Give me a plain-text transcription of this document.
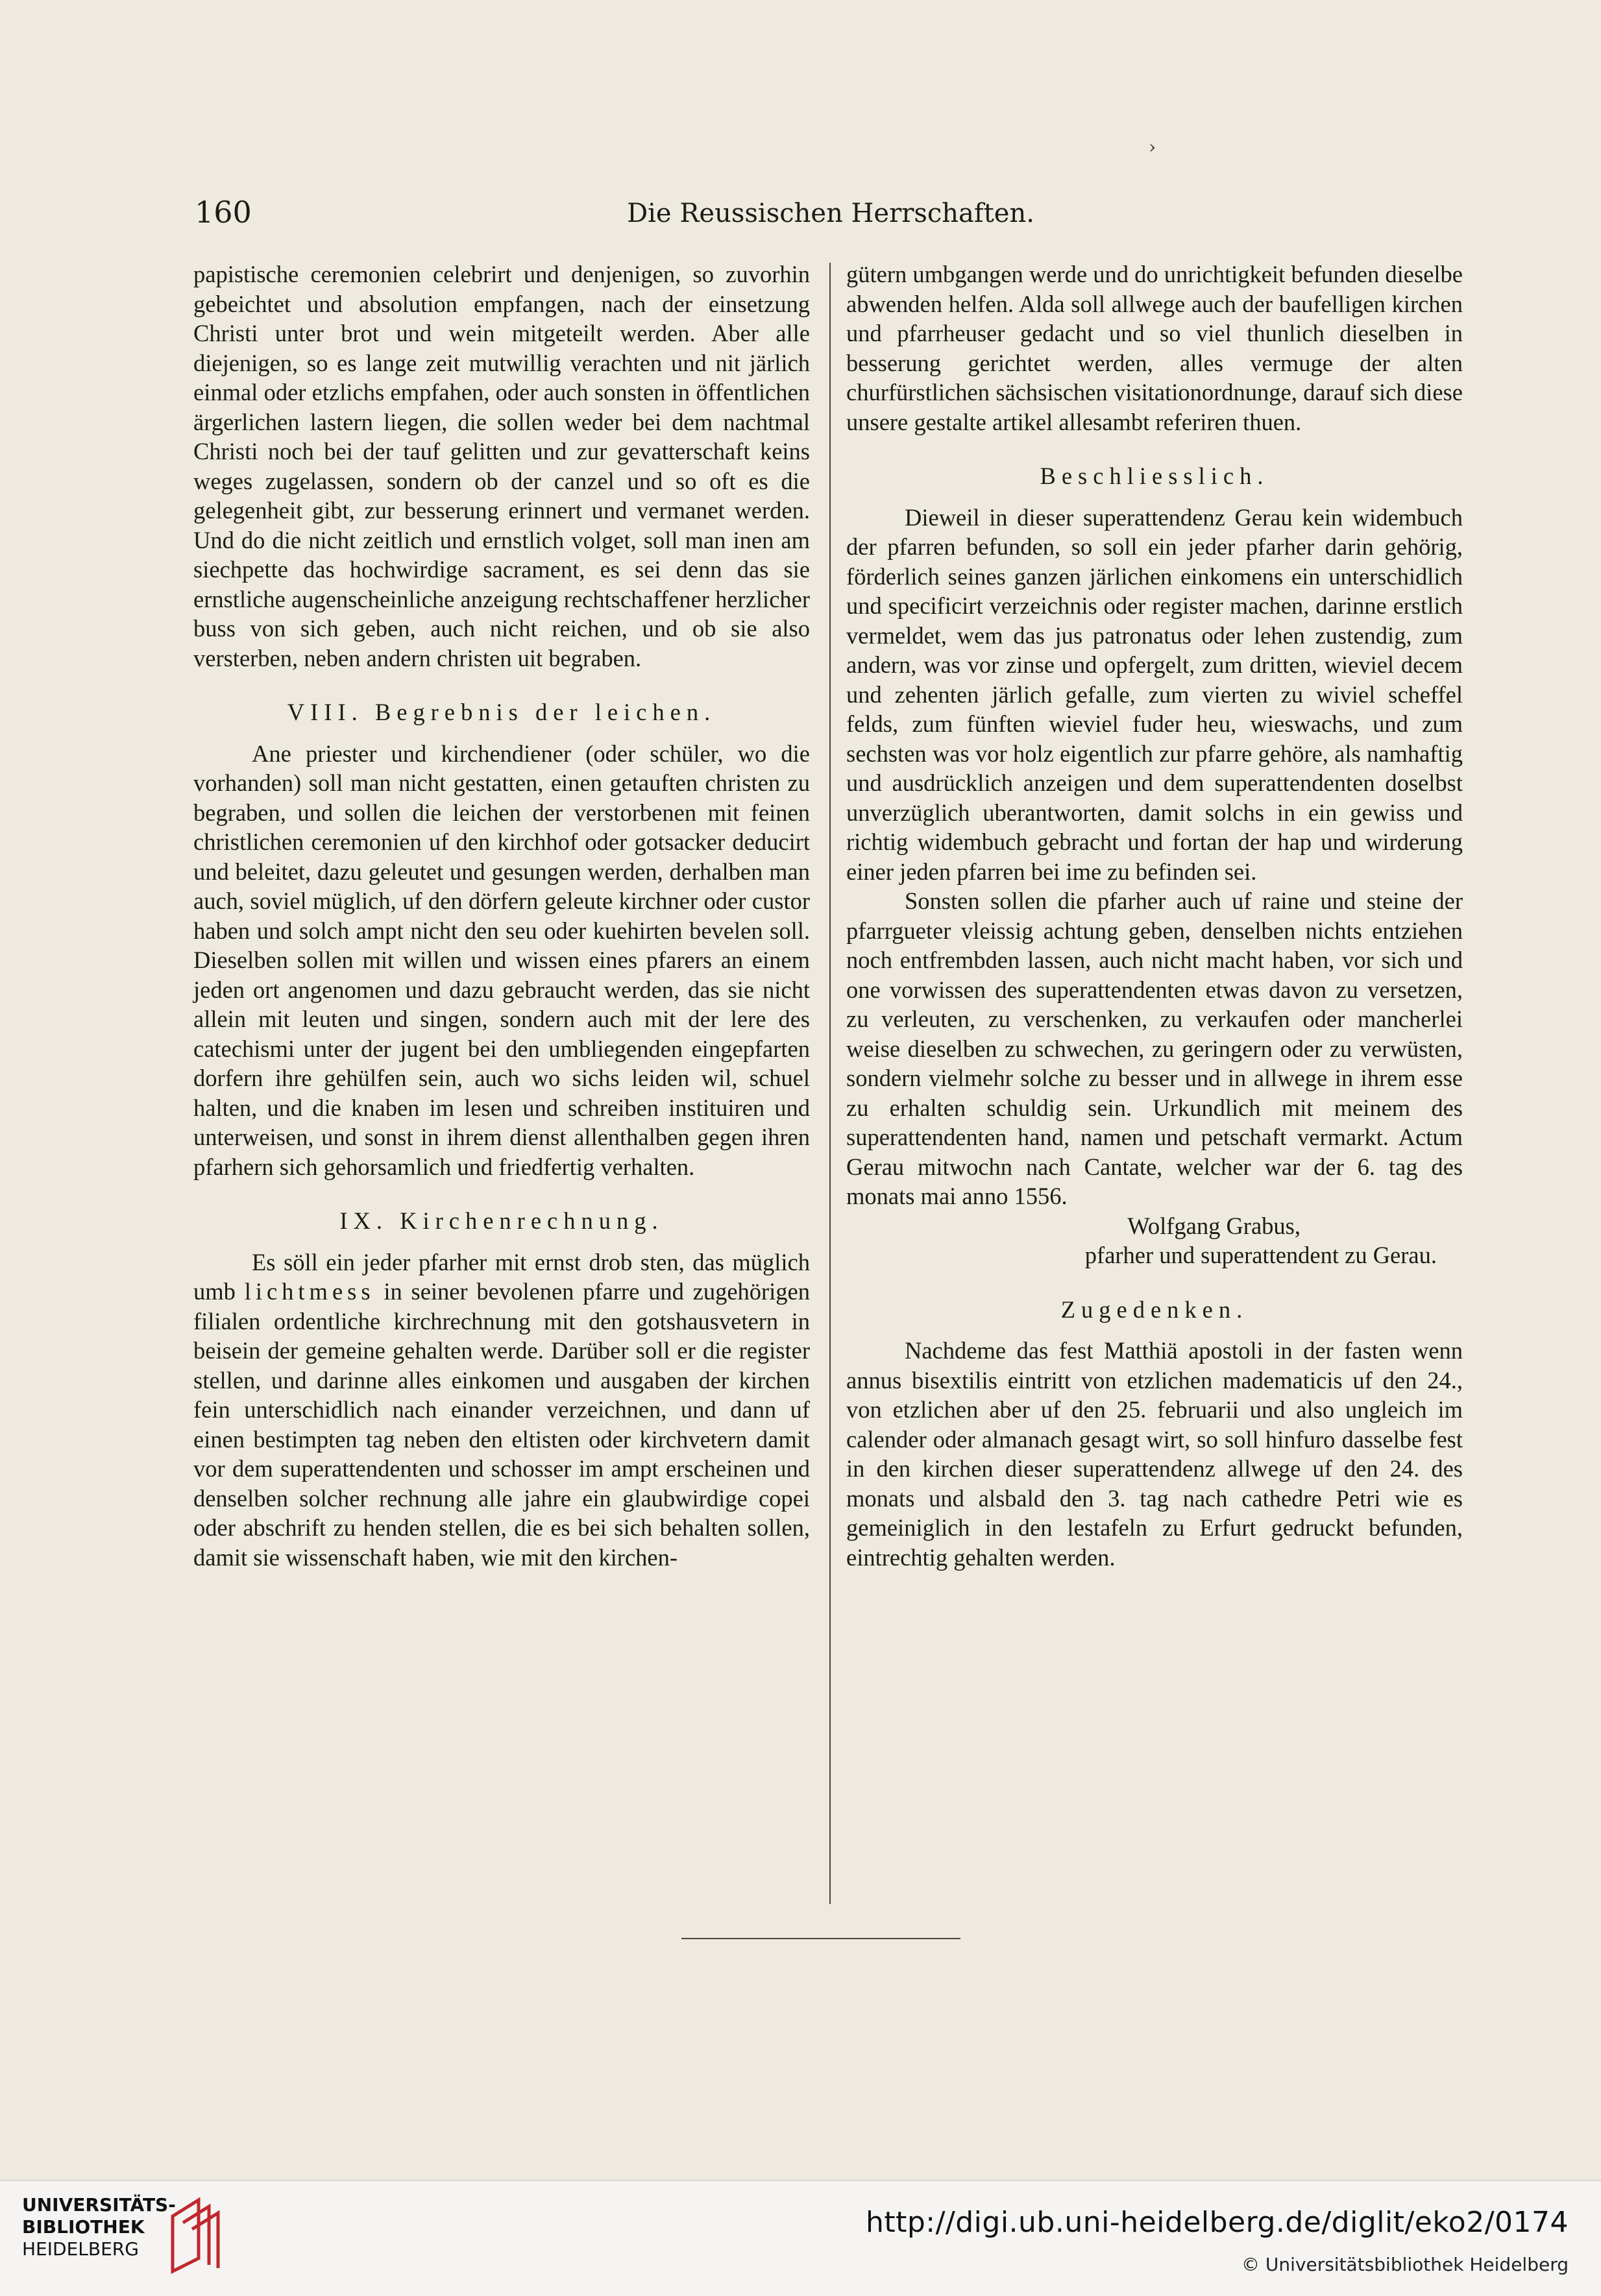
›
160	Die Reussischen Herrschaften.

papistische ceremonien celebrirt und denjenigen, so zuvorhin gebeichtet und absolution empfangen, nach der einsetzung Christi unter brot und wein mitgeteilt werden. Aber alle diejenigen, so es lange zeit mutwillig verachten und nit järlich einmal oder etzlichs empfahen, oder auch sonsten in öffentlichen ärgerlichen lastern liegen, die sollen weder bei dem nachtmal Christi noch bei der tauf gelitten und zur gevatterschaft keins weges zugelassen, sondern ob der canzel und so oft es die gelegenheit gibt, zur besserung erinnert und vermanet werden. Und do die nicht zeitlich und ernstlich volget, soll man inen am siechpette das hochwirdige sacrament, es sei denn das sie ernstliche augenscheinliche anzeigung rechtschaffener herzlicher buss von sich geben, auch nicht reichen, und ob sie also versterben, neben andern christen uit begraben.

VIII. Begrebnis der leichen.

Ane priester und kirchendiener (oder schüler, wo die vorhanden) soll man nicht gestatten, einen getauften christen zu begraben, und sollen die leichen der verstorbenen mit feinen christlichen ceremonien uf den kirchhof oder gotsacker deducirt und beleitet, dazu geleutet und gesungen werden, derhalben man auch, soviel müglich, uf den dörfern geleute kirchner oder custor haben und solch ampt nicht den seu oder kuehirten bevelen soll. Dieselben sollen mit willen und wissen eines pfarers an einem jeden ort angenomen und dazu gebraucht werden, das sie nicht allein mit leuten und singen, sondern auch mit der lere des catechismi unter der jugent bei den umbliegenden eingepfarten dorfern ihre gehülfen sein, auch wo sichs leiden wil, schuel halten, und die knaben im lesen und schreiben instituiren und unterweisen, und sonst in ihrem dienst allenthalben gegen ihren pfarhern sich gehorsamlich und friedfertig verhalten.

IX. Kirchenrechnung.

Es söll ein jeder pfarher mit ernst drob sten, das müglich umb lichtmess in seiner bevolenen pfarre und zugehörigen filialen ordentliche kirchrechnung mit den gotshausvetern in beisein der gemeine gehalten werde. Darüber soll er die register stellen, und darinne alles einkomen und ausgaben der kirchen fein unterschidlich nach einander verzeichnen, und dann uf einen bestimpten tag neben den eltisten oder kirchvetern damit vor dem superattendenten und schosser im ampt erscheinen und denselben solcher rechnung alle jahre ein glaubwirdige copei oder abschrift zu henden stellen, die es bei sich behalten sollen, damit sie wissenschaft haben, wie mit den kirchen-

gütern umbgangen werde und do unrichtigkeit befunden dieselbe abwenden helfen. Alda soll allwege auch der baufelligen kirchen und pfarrheuser gedacht und so viel thunlich dieselben in besserung gerichtet werden, alles vermuge der alten churfürstlichen sächsischen visitationordnunge, darauf sich diese unsere gestalte artikel allesambt referiren thuen.

Beschliesslich.

Dieweil in dieser superattendenz Gerau kein widembuch der pfarren befunden, so soll ein jeder pfarher darin gehörig, förderlich seines ganzen järlichen einkomens ein unterschidlich und specificirt verzeichnis oder register machen, darinne erstlich vermeldet, wem das jus patronatus oder lehen zustendig, zum andern, was vor zinse und opfergelt, zum dritten, wieviel decem und zehenten järlich gefalle, zum vierten zu wiviel scheffel felds, zum fünften wieviel fuder heu, wieswachs, und zum sechsten was vor holz eigentlich zur pfarre gehöre, als namhaftig und ausdrücklich anzeigen und dem superattendenten doselbst unverzüglich uberantworten, damit solchs in ein gewiss und richtig widembuch gebracht und fortan der hap und wirderung einer jeden pfarren bei ime zu befinden sei.

Sonsten sollen die pfarher auch uf raine und steine der pfarrgueter vleissig achtung geben, denselben nichts entziehen noch entfrembden lassen, auch nicht macht haben, vor sich und one vorwissen des superattendenten etwas davon zu versetzen, zu verleuten, zu verschenken, zu verkaufen oder mancherlei weise dieselben zu schwechen, zu geringern oder zu verwüsten, sondern vielmehr solche zu besser und in allwege in ihrem esse zu erhalten schuldig sein. Urkundlich mit meinem des superattendenten hand, namen und petschaft vermarkt. Actum Gerau mitwochn nach Cantate, welcher war der 6. tag des monats mai anno 1556.

Wolfgang Grabus,

pfarher und superattendent zu Gerau.

Zugedenken.

Nachdeme das fest Matthiä apostoli in der fasten wenn annus bisextilis eintritt von etzlichen madematicis uf den 24., von etzlichen aber uf den 25. februarii und also ungleich im calender oder almanach gesagt wirt, so soll hinfuro dasselbe fest in den kirchen dieser superattendenz allwege uf den 24. des monats und alsbald den 3. tag nach cathedre Petri wie es gemeiniglich in den lestafeln zu Erfurt gedruckt befunden, eintrechtig gehalten werden.

UNIVERSITÄTS-
BIBLIOTHEK
HEIDELBERG
http://digi.ub.uni-heidelberg.de/diglit/eko2/0174
© Universitätsbibliothek Heidelberg
